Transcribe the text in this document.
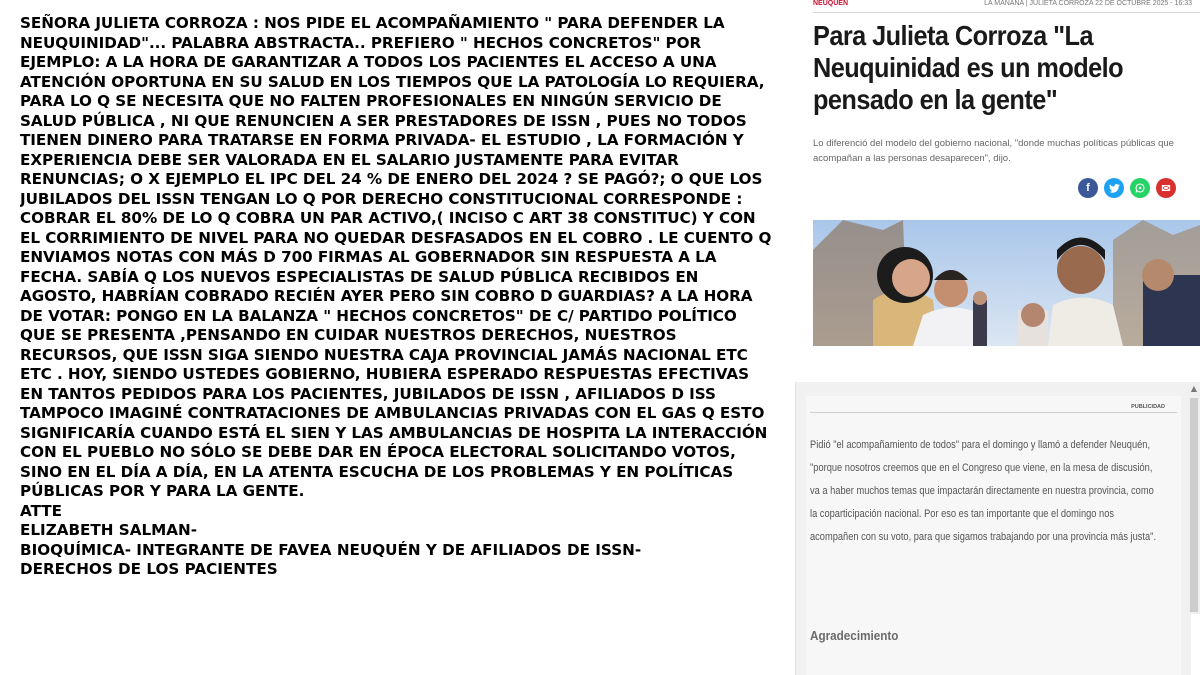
SEÑORA JULIETA CORROZA : NOS PIDE EL ACOMPAÑAMIENTO " PARA DEFENDER LA NEUQUINIDAD"... PALABRA ABSTRACTA.. PREFIERO " HECHOS CONCRETOS" POR EJEMPLO: A LA HORA DE GARANTIZAR A TODOS LOS PACIENTES EL ACCESO A UNA ATENCIÓN OPORTUNA EN SU SALUD EN LOS TIEMPOS QUE LA PATOLOGÍA LO REQUIERA, PARA LO Q SE NECESITA QUE NO FALTEN PROFESIONALES EN NINGÚN SERVICIO DE SALUD PÚBLICA , NI QUE RENUNCIEN A SER PRESTADORES DE ISSN , PUES NO TODOS TIENEN DINERO PARA TRATARSE EN FORMA PRIVADA- EL ESTUDIO , LA FORMACIÓN Y EXPERIENCIA DEBE SER VALORADA EN EL SALARIO JUSTAMENTE PARA EVITAR RENUNCIAS; O X EJEMPLO EL IPC DEL 24 % DE ENERO DEL 2024 ? SE PAGÓ?; O QUE LOS JUBILADOS DEL ISSN TENGAN LO Q POR DERECHO CONSTITUCIONAL CORRESPONDE : COBRAR EL 80% DE LO Q COBRA UN PAR ACTIVO,( INCISO C ART 38 CONSTITUC) Y CON EL CORRIMIENTO DE NIVEL PARA NO QUEDAR DESFASADOS EN EL COBRO . LE CUENTO Q ENVIAMOS NOTAS CON MÁS D 700 FIRMAS AL GOBERNADOR SIN RESPUESTA A LA FECHA. SABÍA Q LOS NUEVOS ESPECIALISTAS DE SALUD PÚBLICA RECIBIDOS EN AGOSTO, HABRÍAN COBRADO RECIÉN AYER PERO SIN COBRO D GUARDIAS? A LA HORA DE VOTAR: PONGO EN LA BALANZA " HECHOS CONCRETOS" DE C/ PARTIDO POLÍTICO QUE SE PRESENTA ,PENSANDO EN CUIDAR NUESTROS DERECHOS, NUESTROS RECURSOS, QUE ISSN SIGA SIENDO NUESTRA CAJA PROVINCIAL JAMÁS NACIONAL ETC ETC . HOY, SIENDO USTEDES GOBIERNO, HUBIERA ESPERADO RESPUESTAS EFECTIVAS EN TANTOS PEDIDOS PARA LOS PACIENTES, JUBILADOS DE ISSN , AFILIADOS D ISS TAMPOCO IMAGINÉ CONTRATACIONES DE AMBULANCIAS PRIVADAS CON EL GAS Q ESTO SIGNIFICARÍA CUANDO ESTÁ EL SIEN Y LAS AMBULANCIAS DE HOSPITA LA INTERACCIÓN CON EL PUEBLO NO SÓLO SE DEBE DAR EN ÉPOCA ELECTORAL SOLICITANDO VOTOS, SINO EN EL DÍA A DÍA, EN LA ATENTA ESCUCHA DE LOS PROBLEMAS Y EN POLÍTICAS PÚBLICAS POR Y PARA LA GENTE.

ATTE

ELIZABETH SALMAN-

BIOQUÍMICA- INTEGRANTE DE FAVEA NEUQUÉN Y DE AFILIADOS DE ISSN-

DERECHOS DE LOS PACIENTES

NEUQUÉN	LA MAÑANA | JULIETA CORROZA 22 DE OCTUBRE 2025 - 16:33
Para Julieta Corroza "La Neuquinidad es un modelo pensado en la gente"

Lo diferenció del modelo del gobierno nacional, "donde muchas políticas públicas que acompañan a las personas desaparecen", dijo.

f	✉
PUBLICIDAD

Pidió "el acompañamiento de todos" para el domingo y llamó a defender Neuquén, "porque nosotros creemos que en el Congreso que viene, en la mesa de discusión, va a haber muchos temas que impactarán directamente en nuestra provincia, como la coparticipación nacional. Por eso es tan importante que el domingo nos acompañen con su voto, para que sigamos trabajando por una provincia más justa".

Agradecimiento

▲
